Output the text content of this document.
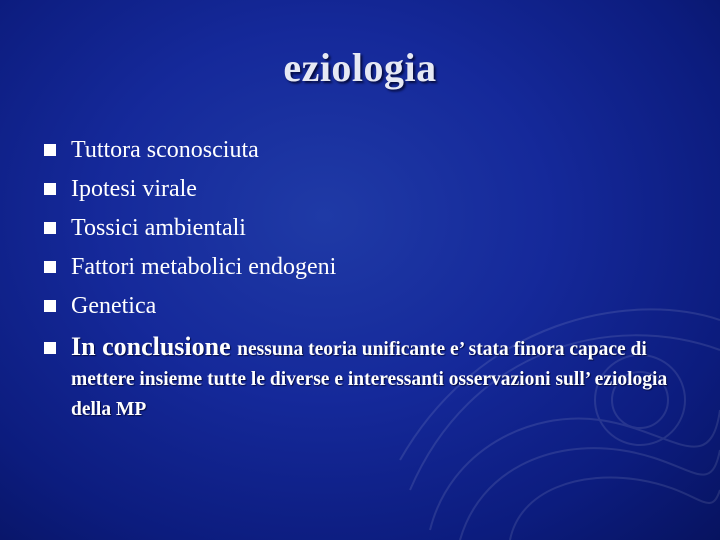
eziologia
Tuttora sconosciuta
Ipotesi virale
Tossici ambientali
Fattori metabolici endogeni
Genetica
In conclusione nessuna teoria unificante e’ stata finora capace di mettere insieme tutte le diverse e interessanti osservazioni sull’ eziologia della MP
